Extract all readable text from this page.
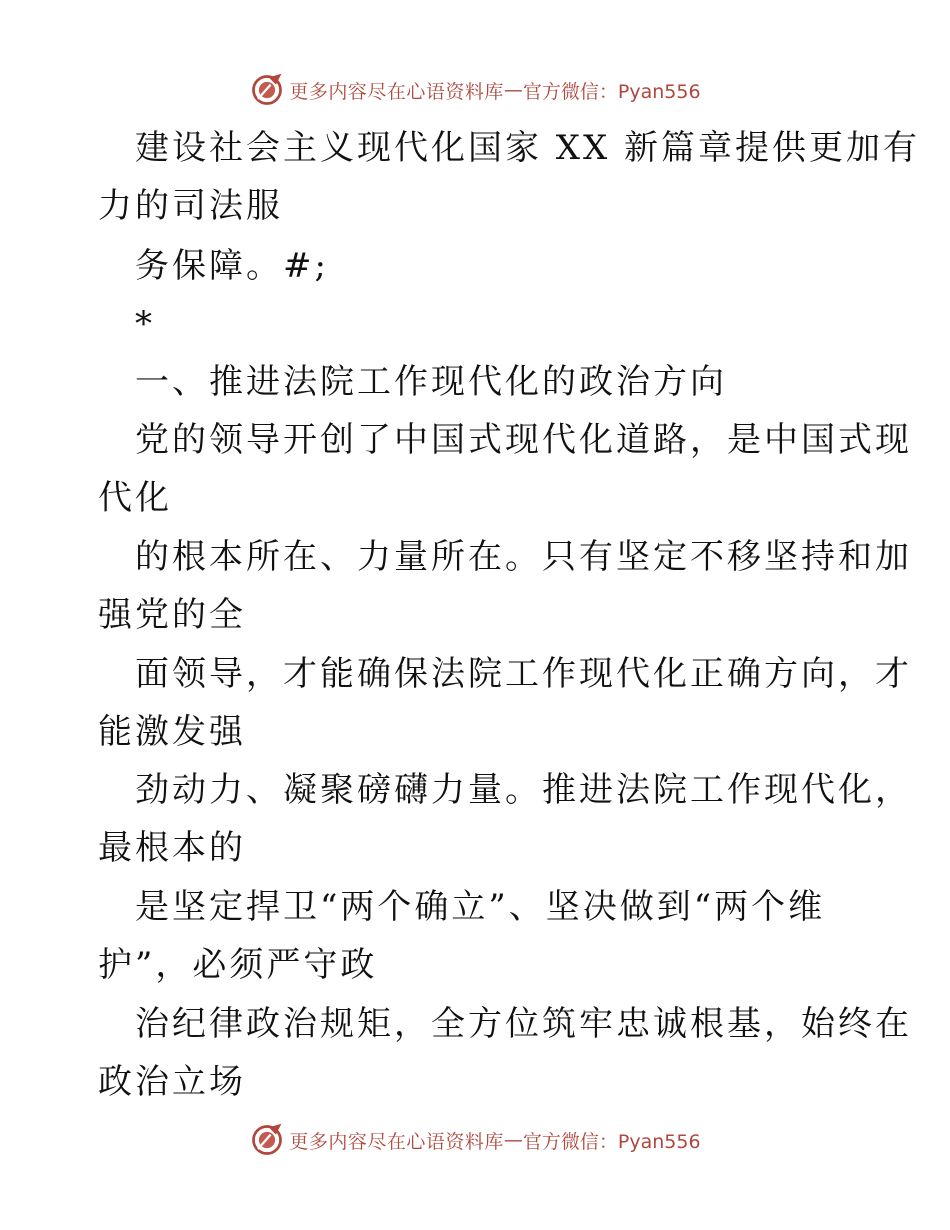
更多内容尽在心语资料库 — 官方微信：Pyan556
建设社会主义现代化国家 XX 新篇章提供更加有
力的司法服
务保障。#;
*
一、推进法院工作现代化的政治方向
党的领导开创了中国式现代化道路，是中国式现
代化
的根本所在、力量所在。只有坚定不移坚持和加
强党的全
面领导，才能确保法院工作现代化正确方向，才
能激发强
劲动力、凝聚磅礴力量。推进法院工作现代化，
最根本的
是坚定捍卫“两个确立”、坚决做到“两个维
护”，必须严守政
治纪律政治规矩，全方位筑牢忠诚根基，始终在
政治立场
更多内容尽在心语资料库 — 官方微信：Pyan556
